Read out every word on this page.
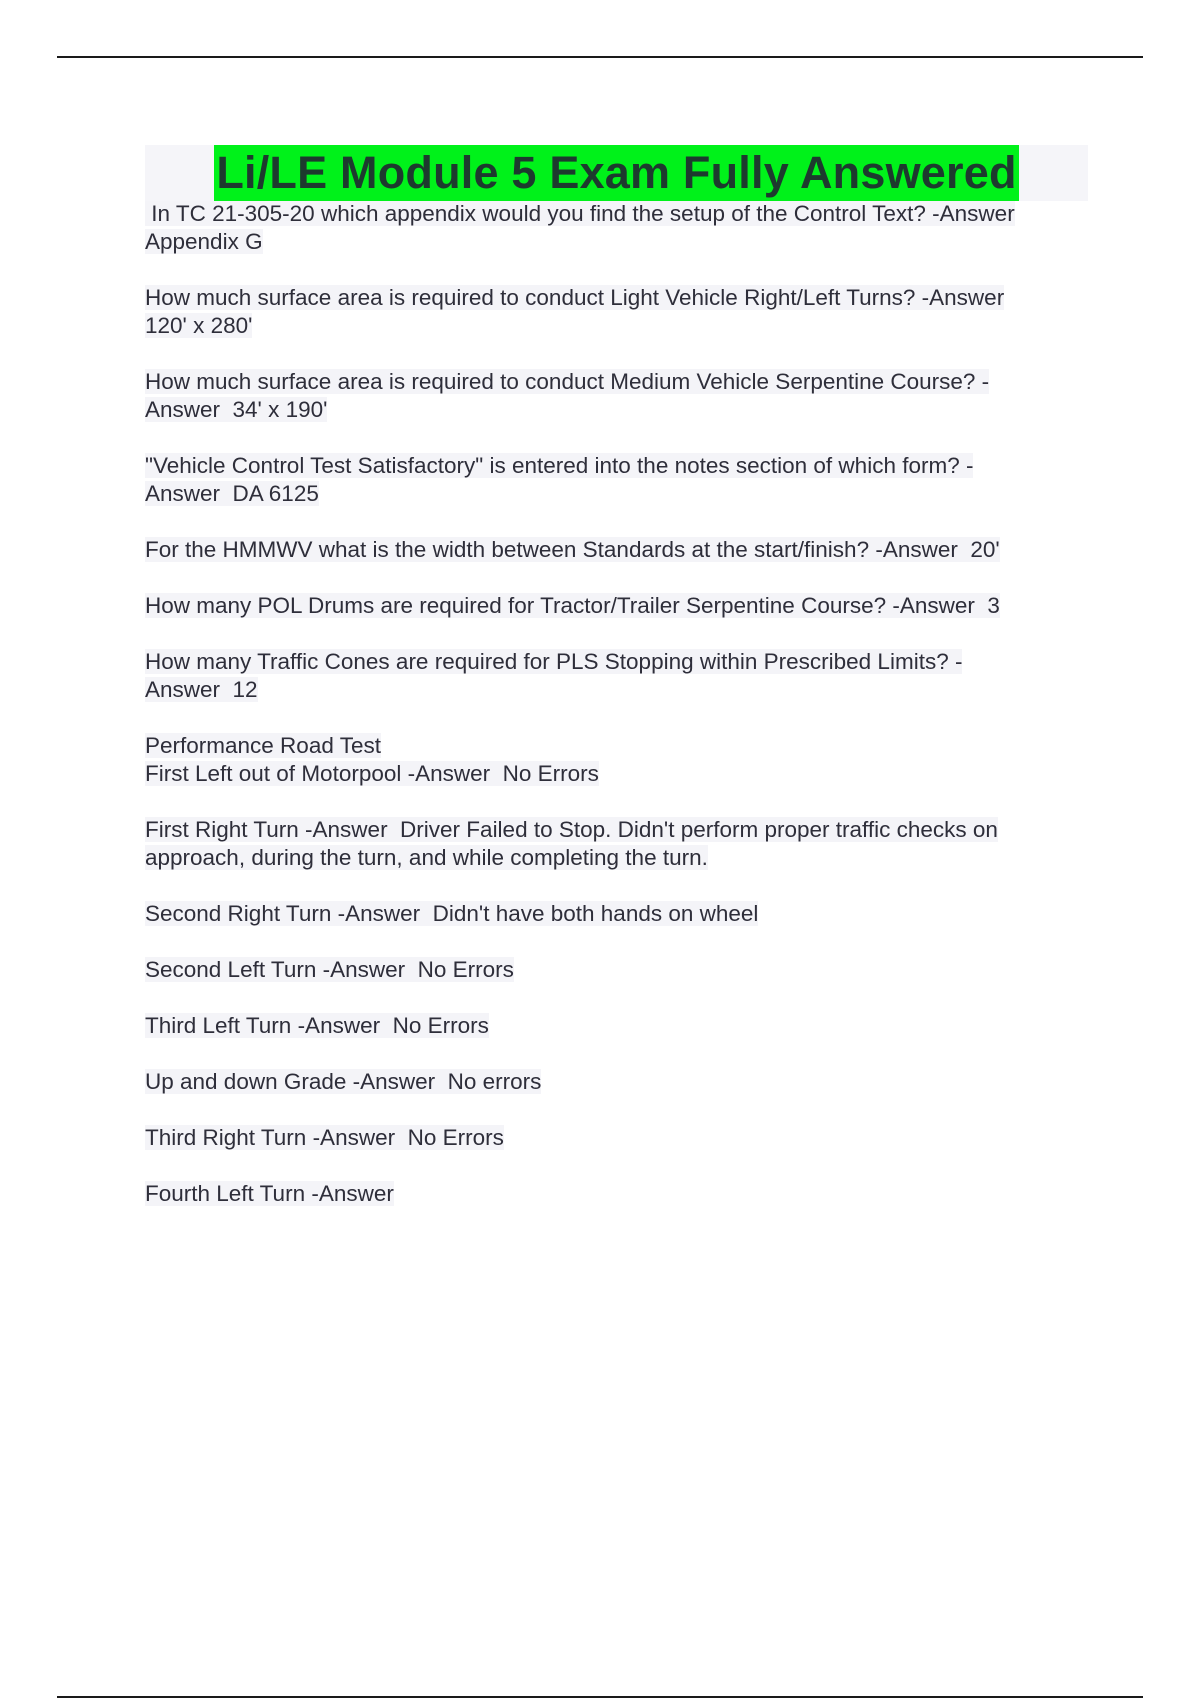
Li/LE Module 5 Exam Fully Answered
In TC 21-305-20 which appendix would you find the setup of the Control Text? -Answer
Appendix G
How much surface area is required to conduct Light Vehicle Right/Left Turns? -Answer
120' x 280'
How much surface area is required to conduct Medium Vehicle Serpentine Course? -
Answer  34' x 190'
"Vehicle Control Test Satisfactory" is entered into the notes section of which form? -
Answer  DA 6125
For the HMMWV what is the width between Standards at the start/finish? -Answer  20'
How many POL Drums are required for Tractor/Trailer Serpentine Course? -Answer  3
How many Traffic Cones are required for PLS Stopping within Prescribed Limits? -
Answer  12
Performance Road Test
First Left out of Motorpool -Answer  No Errors
First Right Turn -Answer  Driver Failed to Stop. Didn't perform proper traffic checks on
approach, during the turn, and while completing the turn.
Second Right Turn -Answer  Didn't have both hands on wheel
Second Left Turn -Answer  No Errors
Third Left Turn -Answer  No Errors
Up and down Grade -Answer  No errors
Third Right Turn -Answer  No Errors
Fourth Left Turn -Answer
